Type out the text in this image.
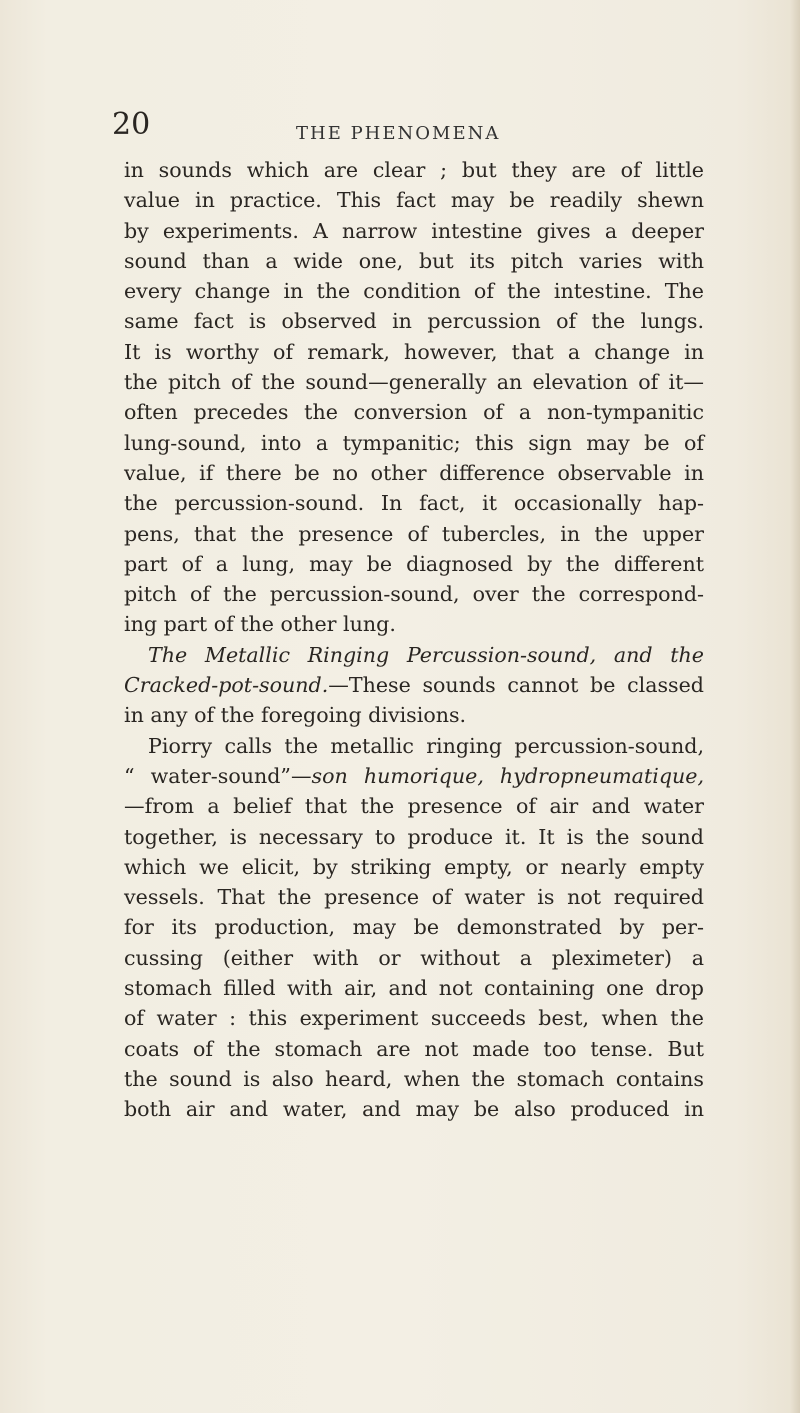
20	THE PHENOMENA
in sounds which are clear ; but they are of little
value in practice. This fact may be readily shewn
by experiments. A narrow intestine gives a deeper
sound than a wide one, but its pitch varies with
every change in the condition of the intestine. The
same fact is observed in percussion of the lungs.
It is worthy of remark, however, that a change in
the pitch of the sound—generally an elevation of it—
often precedes the conversion of a non-tympanitic
lung-sound, into a tympanitic; this sign may be of
value, if there be no other difference observable in
the percussion-sound. In fact, it occasionally hap-
pens, that the presence of tubercles, in the upper
part of a lung, may be diagnosed by the different
pitch of the percussion-sound, over the correspond-
ing part of the other lung.
The Metallic Ringing Percussion-sound, and the
Cracked-pot-sound.—These sounds cannot be classed
in any of the foregoing divisions.
Piorry calls the metallic ringing percussion-sound,
“ water-sound”—son humorique, hydropneumatique,
—from a belief that the presence of air and water
together, is necessary to produce it. It is the sound
which we elicit, by striking empty, or nearly empty
vessels. That the presence of water is not required
for its production, may be demonstrated by per-
cussing (either with or without a pleximeter) a
stomach filled with air, and not containing one drop
of water : this experiment succeeds best, when the
coats of the stomach are not made too tense. But
the sound is also heard, when the stomach contains
both air and water, and may be also produced in
